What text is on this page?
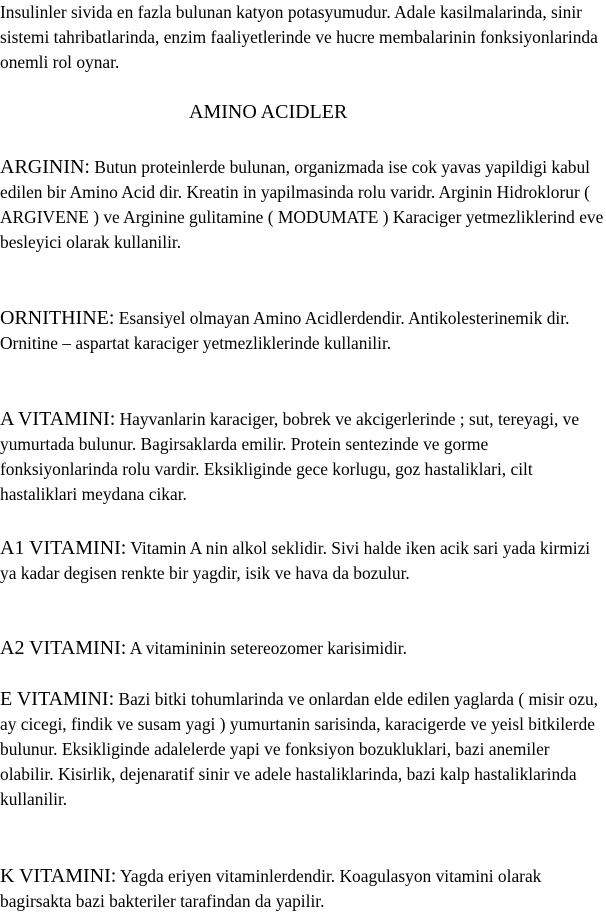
Insulinler sivida en fazla bulunan katyon potasyumudur. Adale kasilmalarinda, sinir sistemi tahribatlarinda, enzim faaliyetlerinde ve hucre membalarinin fonksiyonlarinda onemli rol oynar.

AMINO ACIDLER

ARGININ: Butun proteinlerde bulunan, organizmada ise cok yavas yapildigi kabul edilen bir Amino Acid dir. Kreatin in yapilmasinda rolu varidr. Arginin Hidroklorur ( ARGIVENE ) ve Arginine gulitamine ( MODUMATE ) Karaciger yetmezliklerind eve besleyici olarak kullanilir.

ORNITHINE: Esansiyel olmayan Amino Acidlerdendir. Antikolesterinemik dir. Ornitine – aspartat karaciger yetmezliklerinde kullanilir.

A VITAMINI: Hayvanlarin karaciger, bobrek ve akcigerlerinde ; sut, tereyagi, ve yumurtada bulunur. Bagirsaklarda emilir. Protein sentezinde ve gorme fonksiyonlarinda rolu vardir. Eksikliginde gece korlugu, goz hastaliklari, cilt hastaliklari meydana cikar.

A1 VITAMINI: Vitamin A nin alkol seklidir. Sivi halde iken acik sari yada kirmizi ya kadar degisen renkte bir yagdir, isik ve hava da bozulur.

A2 VITAMINI: A vitamininin setereozomer karisimidir.

E VITAMINI: Bazi bitki tohumlarinda ve onlardan elde edilen yaglarda ( misir ozu, ay cicegi, findik ve susam yagi ) yumurtanin sarisinda, karacigerde ve yeisl bitkilerde bulunur. Eksikliginde adalelerde yapi ve fonksiyon bozukluklari, bazi anemiler olabilir. Kisirlik, dejenaratif sinir ve adele hastaliklarinda, bazi kalp hastaliklarinda kullanilir.

K VITAMINI: Yagda eriyen vitaminlerdendir. Koagulasyon vitamini olarak bagirsakta bazi bakteriler tarafindan da yapilir.
